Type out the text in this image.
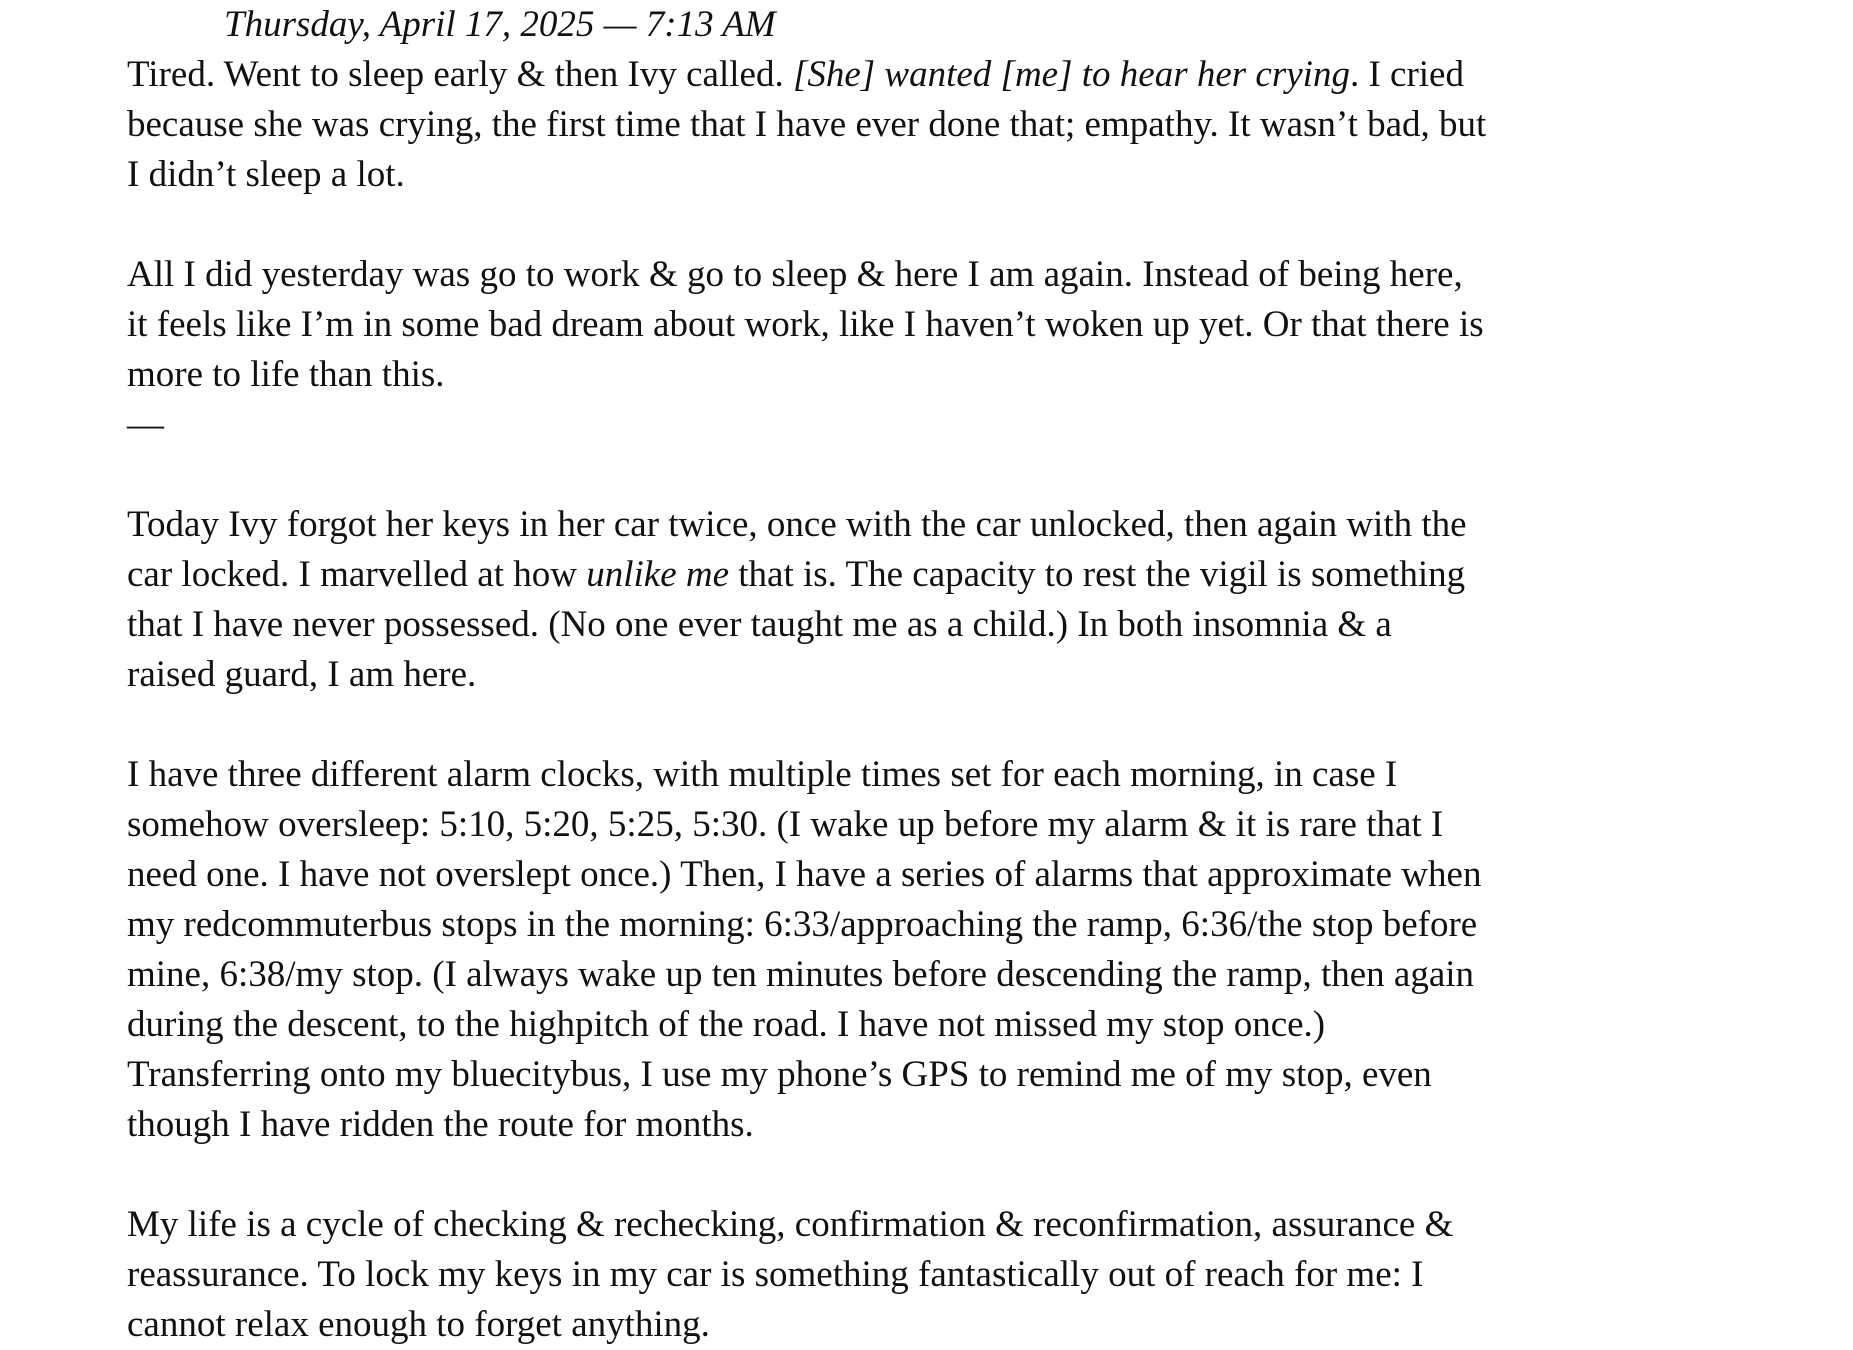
Thursday, April 17, 2025 — 7:13 AM

Tired. Went to sleep early & then Ivy called. [She] wanted [me] to hear her crying. I cried

because she was crying, the first time that I have ever done that; empathy. It wasn’t bad, but

I didn’t sleep a lot.

All I did yesterday was go to work & go to sleep & here I am again. Instead of being here,

it feels like I’m in some bad dream about work, like I haven’t woken up yet. Or that there is

more to life than this.

—

Today Ivy forgot her keys in her car twice, once with the car unlocked, then again with the

car locked. I marvelled at how unlike me that is. The capacity to rest the vigil is something

that I have never possessed. (No one ever taught me as a child.) In both insomnia & a

raised guard, I am here.

I have three different alarm clocks, with multiple times set for each morning, in case I

somehow oversleep: 5:10, 5:20, 5:25, 5:30. (I wake up before my alarm & it is rare that I

need one. I have not overslept once.) Then, I have a series of alarms that approximate when

my redcommuterbus stops in the morning: 6:33/approaching the ramp, 6:36/the stop before

mine, 6:38/my stop. (I always wake up ten minutes before descending the ramp, then again

during the descent, to the highpitch of the road. I have not missed my stop once.)

Transferring onto my bluecitybus, I use my phone’s GPS to remind me of my stop, even

though I have ridden the route for months.

My life is a cycle of checking & rechecking, confirmation & reconfirmation, assurance &

reassurance. To lock my keys in my car is something fantastically out of reach for me: I

cannot relax enough to forget anything.
